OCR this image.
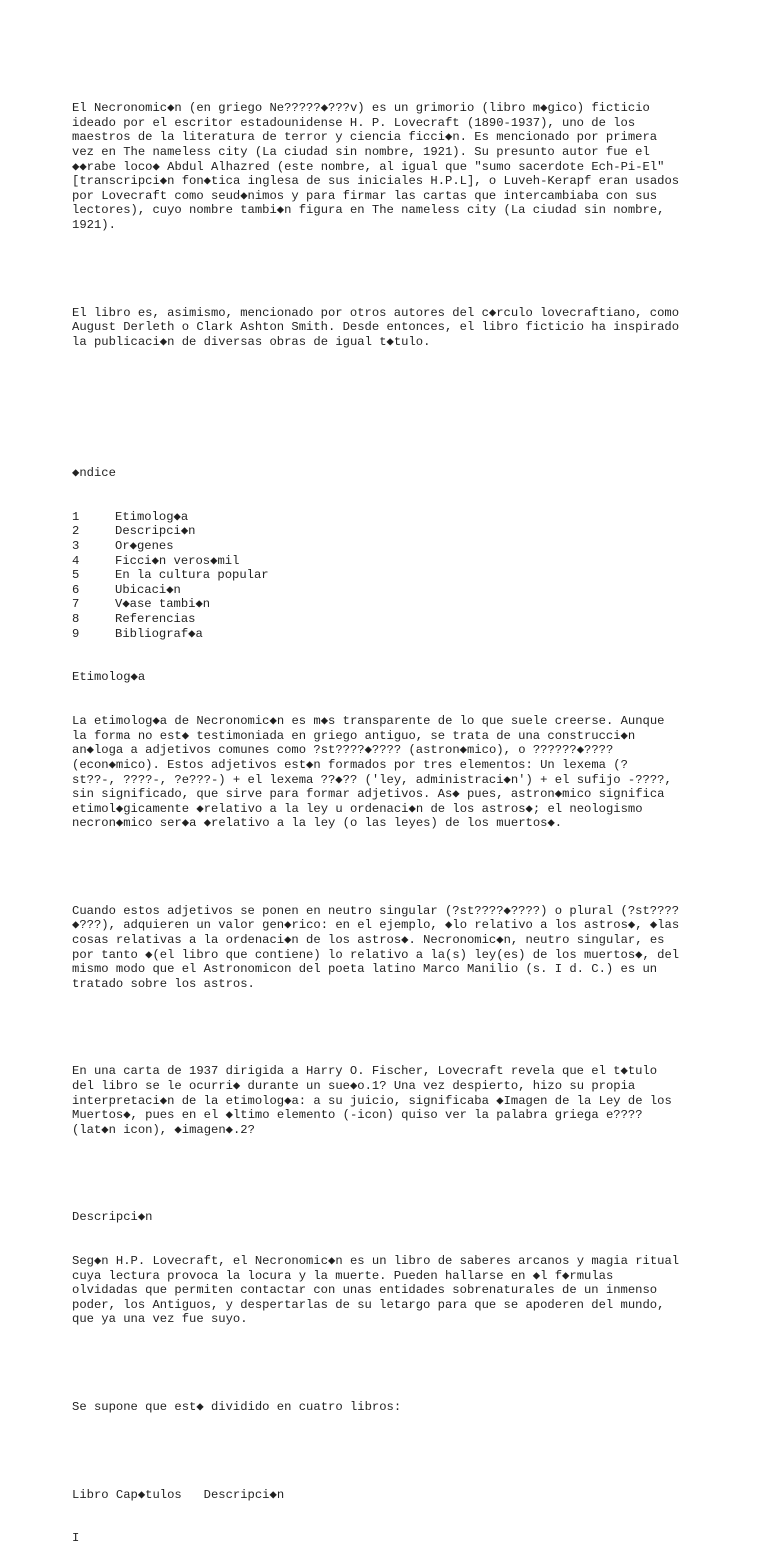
El Necronomic◆n (en griego Ne?????◆???v) es un grimorio (libro m◆gico) ficticio
ideado por el escritor estadounidense H. P. Lovecraft (1890-1937), uno de los
maestros de la literatura de terror y ciencia ficci◆n. Es mencionado por primera
vez en The nameless city (La ciudad sin nombre, 1921). Su presunto autor fue el
◆◆rabe loco◆ Abdul Alhazred (este nombre, al igual que "sumo sacerdote Ech-Pi-El"
[transcripci◆n fon◆tica inglesa de sus iniciales H.P.L], o Luveh-Kerapf eran usados
por Lovecraft como seud◆nimos y para firmar las cartas que intercambiaba con sus
lectores), cuyo nombre tambi◆n figura en The nameless city (La ciudad sin nombre,
1921).

El libro es, asimismo, mencionado por otros autores del c◆rculo lovecraftiano, como
August Derleth o Clark Ashton Smith. Desde entonces, el libro ficticio ha inspirado
la publicaci◆n de diversas obras de igual t◆tulo.

◆ndice

1	Etimolog◆a
2	Descripci◆n
3	Or◆genes
4	Ficci◆n veros◆mil
5	En la cultura popular
6	Ubicaci◆n
7	V◆ase tambi◆n
8	Referencias
9	Bibliograf◆a

Etimolog◆a

La etimolog◆a de Necronomic◆n es m◆s transparente de lo que suele creerse. Aunque
la forma no est◆ testimoniada en griego antiguo, se trata de una construcci◆n
an◆loga a adjetivos comunes como ?st????◆???? (astron◆mico), o ??????◆????
(econ◆mico). Estos adjetivos est◆n formados por tres elementos: Un lexema (?
st??-, ????-, ?e???-) + el lexema ??◆?? ('ley, administraci◆n') + el sufijo -????,
sin significado, que sirve para formar adjetivos. As◆ pues, astron◆mico significa
etimol◆gicamente ◆relativo a la ley u ordenaci◆n de los astros◆; el neologismo
necron◆mico ser◆a ◆relativo a la ley (o las leyes) de los muertos◆.

Cuando estos adjetivos se ponen en neutro singular (?st????◆????) o plural (?st????
◆???), adquieren un valor gen◆rico: en el ejemplo, ◆lo relativo a los astros◆, ◆las
cosas relativas a la ordenaci◆n de los astros◆. Necronomic◆n, neutro singular, es
por tanto ◆(el libro que contiene) lo relativo a la(s) ley(es) de los muertos◆, del
mismo modo que el Astronomicon del poeta latino Marco Manilio (s. I d. C.) es un
tratado sobre los astros.

En una carta de 1937 dirigida a Harry O. Fischer, Lovecraft revela que el t◆tulo
del libro se le ocurri◆ durante un sue◆o.1? Una vez despierto, hizo su propia
interpretaci◆n de la etimolog◆a: a su juicio, significaba ◆Imagen de la Ley de los
Muertos◆, pues en el ◆ltimo elemento (-icon) quiso ver la palabra griega e????
(lat◆n icon), ◆imagen◆.2?

Descripci◆n

Seg◆n H.P. Lovecraft, el Necronomic◆n es un libro de saberes arcanos y magia ritual
cuya lectura provoca la locura y la muerte. Pueden hallarse en ◆l f◆rmulas
olvidadas que permiten contactar con unas entidades sobrenaturales de un inmenso
poder, los Antiguos, y despertarlas de su letargo para que se apoderen del mundo,
que ya una vez fue suyo.

Se supone que est◆ dividido en cuatro libros:

Libro Cap◆tulos   Descripci◆n

I
